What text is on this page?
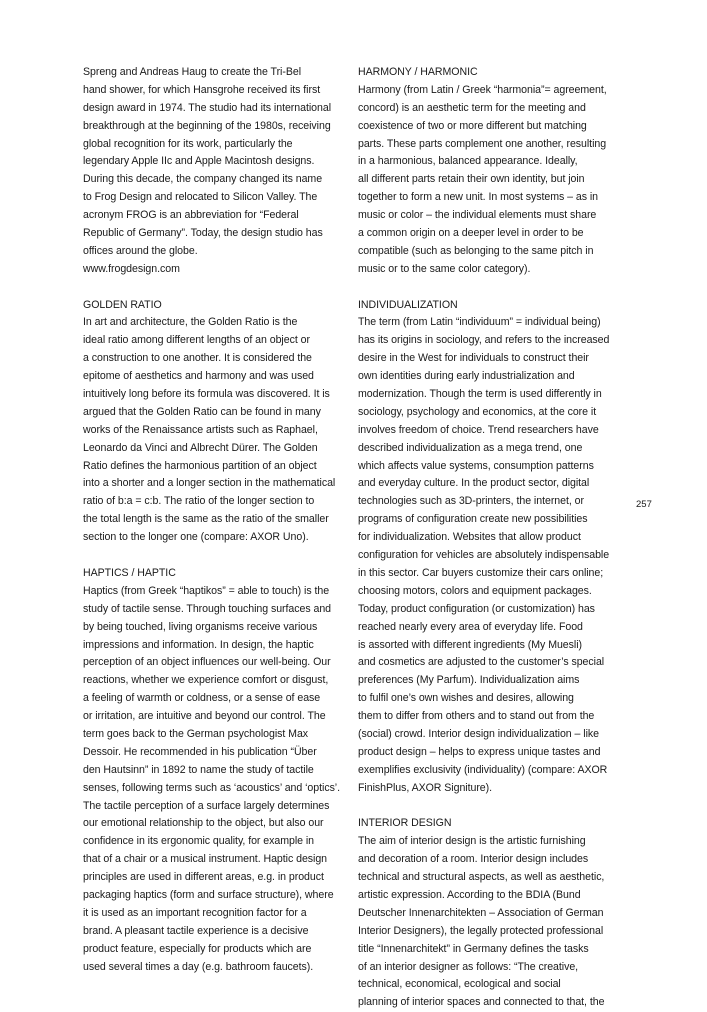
Spreng and Andreas Haug to create the Tri-Bel
hand shower, for which Hansgrohe received its first
design award in 1974. The studio had its international
breakthrough at the beginning of the 1980s, receiving
global recognition for its work, particularly the
legendary Apple IIc and Apple Macintosh designs.
During this decade, the company changed its name
to Frog Design and relocated to Silicon Valley. The
acronym FROG is an abbreviation for “Federal
Republic of Germany”. Today, the design studio has
offices around the globe.
www.frogdesign.com
GOLDEN RATIO
In art and architecture, the Golden Ratio is the
ideal ratio among different lengths of an object or
a construction to one another. It is considered the
epitome of aesthetics and harmony and was used
intuitively long before its formula was discovered. It is
argued that the Golden Ratio can be found in many
works of the Renaissance artists such as Raphael,
Leonardo da Vinci and Albrecht Dürer. The Golden
Ratio defines the harmonious partition of an object
into a shorter and a longer section in the mathematical
ratio of b:a = c:b. The ratio of the longer section to
the total length is the same as the ratio of the smaller
section to the longer one (compare: AXOR Uno).
HAPTICS / HAPTIC
Haptics (from Greek “haptikos” = able to touch) is the
study of tactile sense. Through touching surfaces and
by being touched, living organisms receive various
impressions and information. In design, the haptic
perception of an object influences our well-being. Our
reactions, whether we experience comfort or disgust,
a feeling of warmth or coldness, or a sense of ease
or irritation, are intuitive and beyond our control. The
term goes back to the German psychologist Max
Dessoir. He recommended in his publication “Über
den Hautsinn” in 1892 to name the study of tactile
senses, following terms such as ‘acoustics’ and ‘optics’.
The tactile perception of a surface largely determines
our emotional relationship to the object, but also our
confidence in its ergonomic quality, for example in
that of a chair or a musical instrument. Haptic design
principles are used in different areas, e.g. in product
packaging haptics (form and surface structure), where
it is used as an important recognition factor for a
brand. A pleasant tactile experience is a decisive
product feature, especially for products which are
used several times a day (e.g. bathroom faucets).
HARMONY / HARMONIC
Harmony (from Latin / Greek “harmonia”= agreement,
concord) is an aesthetic term for the meeting and
coexistence of two or more different but matching
parts. These parts complement one another, resulting
in a harmonious, balanced appearance. Ideally,
all different parts retain their own identity, but join
together to form a new unit. In most systems – as in
music or color – the individual elements must share
a common origin on a deeper level in order to be
compatible (such as belonging to the same pitch in
music or to the same color category).
INDIVIDUALIZATION
The term (from Latin “individuum” = individual being)
has its origins in sociology, and refers to the increased
desire in the West for individuals to construct their
own identities during early industrialization and
modernization. Though the term is used differently in
sociology, psychology and economics, at the core it
involves freedom of choice. Trend researchers have
described individualization as a mega trend, one
which affects value systems, consumption patterns
and everyday culture. In the product sector, digital
technologies such as 3D-printers, the internet, or
programs of configuration create new possibilities
for individualization. Websites that allow product
configuration for vehicles are absolutely indispensable
in this sector. Car buyers customize their cars online;
choosing motors, colors and equipment packages.
Today, product configuration (or customization) has
reached nearly every area of everyday life. Food
is assorted with different ingredients (My Muesli)
and cosmetics are adjusted to the customer’s special
preferences (My Parfum). Individualization aims
to fulfil one’s own wishes and desires, allowing
them to differ from others and to stand out from the
(social) crowd. Interior design individualization – like
product design – helps to express unique tastes and
exemplifies exclusivity (individuality) (compare: AXOR
FinishPlus, AXOR Signiture).
INTERIOR DESIGN
The aim of interior design is the artistic furnishing
and decoration of a room. Interior design includes
technical and structural aspects, as well as aesthetic,
artistic expression. According to the BDIA (Bund
Deutscher Innenarchitekten – Association of German
Interior Designers), the legally protected professional
title “Innenarchitekt” in Germany defines the tasks
of an interior designer as follows: “The creative,
technical, economical, ecological and social
planning of interior spaces and connected to that, the
257
